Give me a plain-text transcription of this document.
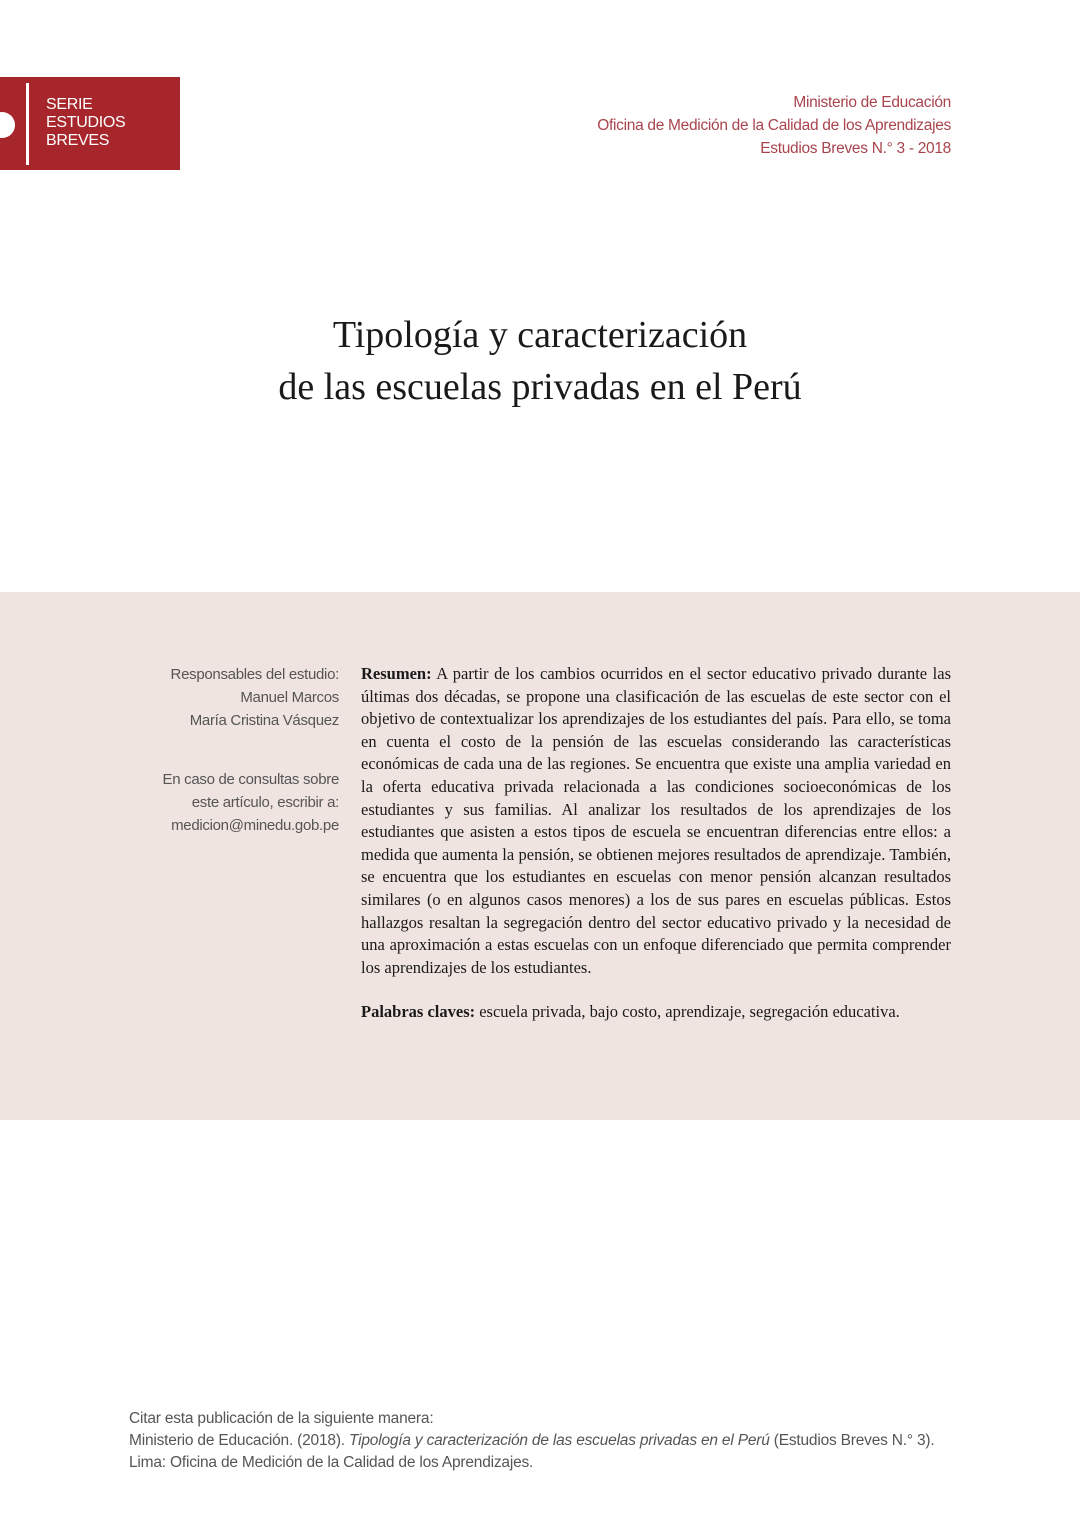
SERIE
ESTUDIOS
BREVES
Ministerio de Educación
Oficina de Medición de la Calidad de los Aprendizajes
Estudios Breves N.° 3 - 2018
Tipología y caracterización
de las escuelas privadas en el Perú
Responsables del estudio:
Manuel Marcos
María Cristina Vásquez
En caso de consultas sobre
este artículo, escribir a:
medicion@minedu.gob.pe

Resumen: A partir de los cambios ocurridos en el sector educativo privado durante las últimas dos décadas, se propone una clasificación de las escuelas de este sector con el objetivo de contextualizar los aprendizajes de los estudiantes del país. Para ello, se toma en cuenta el costo de la pensión de las escuelas considerando las características económicas de cada una de las regiones. Se encuentra que existe una amplia variedad en la oferta educativa privada relacionada a las condiciones socioeconómicas de los estudiantes y sus familias. Al analizar los resultados de los aprendizajes de los estudiantes que asisten a estos tipos de escuela se encuentran diferencias entre ellos: a medida que aumenta la pensión, se obtienen mejores resultados de aprendizaje. También, se encuentra que los estudiantes en escuelas con menor pensión alcanzan resultados similares (o en algunos casos menores) a los de sus pares en escuelas públicas. Estos hallazgos resaltan la segregación dentro del sector educativo privado y la necesidad de una aproximación a estas escuelas con un enfoque diferenciado que permita comprender los aprendizajes de los estudiantes.

Palabras claves: escuela privada, bajo costo, aprendizaje, segregación educativa.

Citar esta publicación de la siguiente manera:

Ministerio de Educación. (2018). Tipología y caracterización de las escuelas privadas en el Perú (Estudios Breves N.° 3). Lima: Oficina de Medición de la Calidad de los Aprendizajes.
